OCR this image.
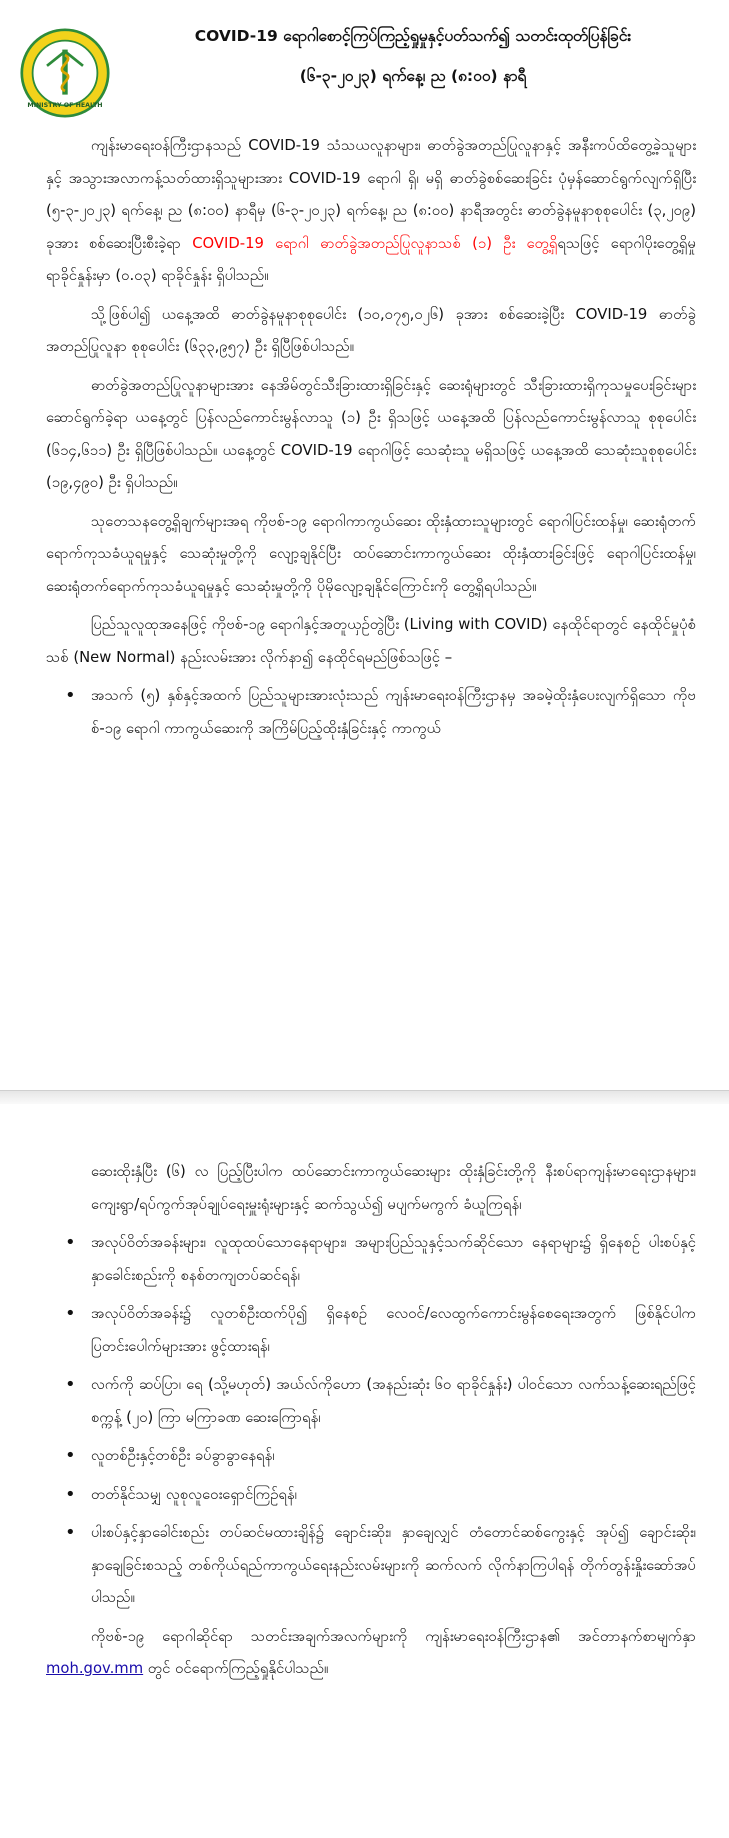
MINISTRY OF HEALTH
COVID-19 ရောဂါစောင့်ကြပ်ကြည့်ရှုမှုနှင့်ပတ်သက်၍ သတင်းထုတ်ပြန်ခြင်း
(၆-၃-၂၀၂၃) ရက်နေ့၊ ည (၈:၀၀) နာရီ

ကျန်းမာရေးဝန်ကြီးဌာနသည် COVID-19 သံသယလူနာများ၊ ဓာတ်ခွဲအတည်ပြုလူနာနှင့် အနီးကပ်ထိတွေ့ခဲ့သူများနှင့် အသွားအလာကန့်သတ်ထားရှိသူများအား COVID-19 ရောဂါ ရှိ၊ မရှိ ဓာတ်ခွဲစစ်ဆေးခြင်း ပုံမှန်ဆောင်ရွက်လျက်ရှိပြီး (၅-၃-၂၀၂၃) ရက်နေ့၊ ည (၈:၀၀) နာရီမှ (၆-၃-၂၀၂၃) ရက်နေ့၊ ည (၈:၀၀) နာရီအတွင်း ဓာတ်ခွဲနမူနာစုစုပေါင်း (၃,၂၀၉) ခုအား စစ်ဆေးပြီးစီးခဲ့ရာ COVID-19 ရောဂါ ဓာတ်ခွဲအတည်ပြုလူနာသစ် (၁) ဦး တွေ့ရှိရသဖြင့် ရောဂါပိုးတွေ့ရှိမှု ရာခိုင်နှုန်းမှာ (၀.၀၃) ရာခိုင်နှုန်း ရှိပါသည်။

သို့ဖြစ်ပါ၍ ယနေ့အထိ ဓာတ်ခွဲနမူနာစုစုပေါင်း (၁၀,၀၇၅,၀၂၆) ခုအား စစ်ဆေးခဲ့ပြီး COVID-19 ဓာတ်ခွဲအတည်ပြုလူနာ စုစုပေါင်း (၆၃၃,၉၅၇) ဦး ရှိပြီဖြစ်ပါသည်။

ဓာတ်ခွဲအတည်ပြုလူနာများအား နေအိမ်တွင်သီးခြားထားရှိခြင်းနှင့် ဆေးရုံများတွင် သီးခြားထားရှိကုသမှုပေးခြင်းများ ဆောင်ရွက်ခဲ့ရာ ယနေ့တွင် ပြန်လည်ကောင်းမွန်လာသူ (၁) ဦး ရှိသဖြင့် ယနေ့အထိ ပြန်လည်ကောင်းမွန်လာသူ စုစုပေါင်း (၆၁၄,၆၁၁) ဦး ရှိပြီဖြစ်ပါသည်။ ယနေ့တွင် COVID-19 ရောဂါဖြင့် သေဆုံးသူ မရှိသဖြင့် ယနေ့အထိ သေဆုံးသူစုစုပေါင်း (၁၉,၄၉၀) ဦး ရှိပါသည်။

သုတေသနတွေ့ရှိချက်များအရ ကိုဗစ်-၁၉ ရောဂါကာကွယ်ဆေး ထိုးနှံထားသူများတွင် ရောဂါပြင်းထန်မှု၊ ဆေးရုံတက်ရောက်ကုသခံယူရမှုနှင့် သေဆုံးမှုတို့ကို လျော့ချနိုင်ပြီး ထပ်ဆောင်းကာကွယ်ဆေး ထိုးနှံထားခြင်းဖြင့် ရောဂါပြင်းထန်မှု၊ ဆေးရုံတက်ရောက်ကုသခံယူရမှုနှင့် သေဆုံးမှုတို့ကို ပိုမိုလျော့ချနိုင်ကြောင်းကို တွေ့ရှိရပါသည်။

ပြည်သူလူထုအနေဖြင့် ကိုဗစ်-၁၉ ရောဂါနှင့်အတူယှဉ်တွဲပြီး (Living with COVID) နေထိုင်ရာတွင် နေထိုင်မှုပုံစံသစ် (New Normal) နည်းလမ်းအား လိုက်နာ၍ နေထိုင်ရမည်ဖြစ်သဖြင့် –

• အသက် (၅) နှစ်နှင့်အထက် ပြည်သူများအားလုံးသည် ကျန်းမာရေးဝန်ကြီးဌာနမှ အခမဲ့ထိုးနှံပေးလျက်ရှိသော ကိုဗစ်-၁၉ ရောဂါ ကာကွယ်ဆေးကို အကြိမ်ပြည့်ထိုးနှံခြင်းနှင့် ကာကွယ်

ဆေးထိုးနှံပြီး (၆) လ ပြည့်ပြီးပါက ထပ်ဆောင်းကာကွယ်ဆေးများ ထိုးနှံခြင်းတို့ကို နီးစပ်ရာကျန်းမာရေးဌာနများ၊ ကျေးရွာ/ရပ်ကွက်အုပ်ချုပ်ရေးမှူးရုံးများနှင့် ဆက်သွယ်၍ မပျက်မကွက် ခံယူကြရန်၊

• အလုပ်ဝိတ်အခန်းများ၊ လူထုထပ်သောနေရာများ၊ အများပြည်သူနှင့်သက်ဆိုင်သော နေရာများ၌ ရှိနေစဉ် ပါးစပ်နှင့်နှာခေါင်းစည်းကို စနစ်တကျတပ်ဆင်ရန်၊
• အလုပ်ဝိတ်အခန်း၌ လူတစ်ဦးထက်ပို၍ ရှိနေစဉ် လေဝင်/လေထွက်ကောင်းမွန်စေရေးအတွက် ဖြစ်နိုင်ပါက ပြတင်းပေါက်များအား ဖွင့်ထားရန်၊
• လက်ကို ဆပ်ပြာ၊ ရေ (သို့မဟုတ်) အယ်လ်ကိုဟော (အနည်းဆုံး ၆၀ ရာခိုင်နှုန်း) ပါဝင်သော လက်သန့်ဆေးရည်ဖြင့် စက္ကန့် (၂၀) ကြာ မကြာခဏ ဆေးကြောရန်၊
• လူတစ်ဦးနှင့်တစ်ဦး ခပ်ခွာခွာနေရန်၊
• တတ်နိုင်သမျှ လူစုလူဝေးရှောင်ကြဉ်ရန်၊
• ပါးစပ်နှင့်နှာခေါင်းစည်း တပ်ဆင်မထားချိန်၌ ချောင်းဆိုး၊ နှာချေလျှင် တံတောင်ဆစ်ကွေးနှင့် အုပ်၍ ချောင်းဆိုး၊ နှာချေခြင်းစသည့် တစ်ကိုယ်ရည်ကာကွယ်ရေးနည်းလမ်းများကို ဆက်လက် လိုက်နာကြပါရန် တိုက်တွန်းနှိုးဆော်အပ်ပါသည်။

ကိုဗစ်-၁၉ ရောဂါဆိုင်ရာ သတင်းအချက်အလက်များကို ကျန်းမာရေးဝန်ကြီးဌာန၏ အင်တာနက်စာမျက်နှာ moh.gov.mm တွင် ဝင်ရောက်ကြည့်ရှုနိုင်ပါသည်။
